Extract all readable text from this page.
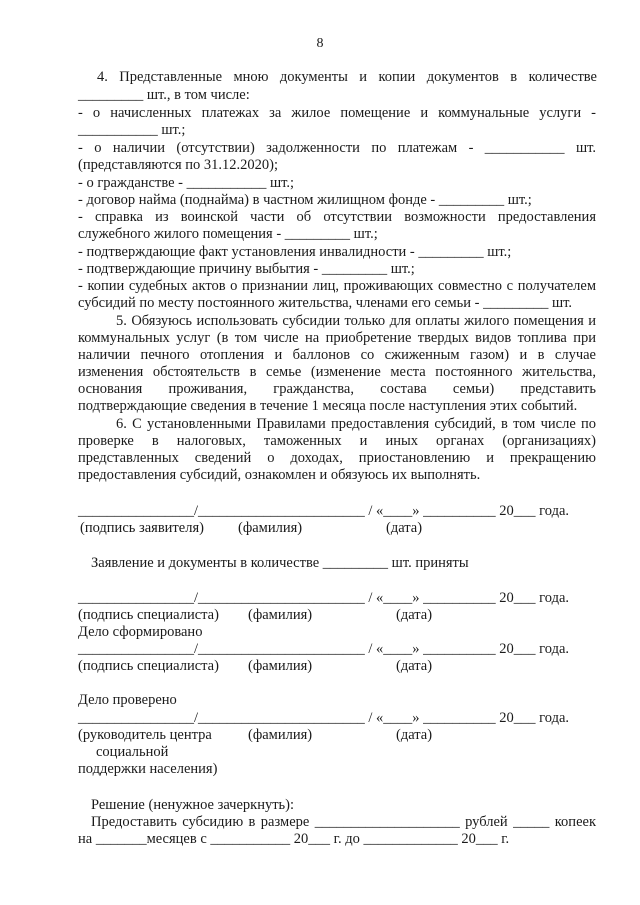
8
4. Представленные мною документы и копии документов в количестве
_________ шт., в том числе:
- о начисленных платежах за жилое помещение и коммунальные услуги -
___________ шт.;
- о наличии (отсутствии) задолженности по платежам - ___________ шт.
(представляются по 31.12.2020);
- о гражданстве - ___________ шт.;
- договор найма (поднайма) в частном жилищном фонде - _________ шт.;
- справка из воинской части об отсутствии возможности предоставления
служебного жилого помещения - _________ шт.;
- подтверждающие факт установления инвалидности - _________ шт.;
- подтверждающие причину выбытия - _________ шт.;
- копии судебных актов о признании лиц, проживающих совместно с получателем
субсидий по месту постоянного жительства, членами его семьи - _________ шт.
5. Обязуюсь использовать субсидии только для оплаты жилого помещения и
коммунальных услуг (в том числе на приобретение твердых видов топлива при
наличии печного отопления и баллонов со сжиженным газом) и в случае
изменения обстоятельств в семье (изменение места постоянного жительства,
основания проживания, гражданства, состава семьи) представить
подтверждающие сведения в течение 1 месяца после наступления этих событий.
6. С установленными Правилами предоставления субсидий, в том числе по
проверке в налоговых, таможенных и иных органах (организациях)
представленных сведений о доходах, приостановлению и прекращению
предоставления субсидий, ознакомлен и обязуюсь их выполнять.
________________/_______________________ / «____» __________ 20___ года.
(подпись заявителя) (фамилия)	(дата)
Заявление и документы в количестве _________ шт. приняты
________________/_______________________ / «____» __________ 20___ года.
(подпись специалиста) (фамилия)	(дата)
Дело сформировано
________________/_______________________ / «____» __________ 20___ года.
(подпись специалиста) (фамилия)	(дата)
Дело проверено
________________/_______________________ / «____» __________ 20___ года.
(руководитель центра
социальной
поддержки населения)
(фамилия)	(дата)
Решение (ненужное зачеркнуть):
Предоставить субсидию в размере ____________________ рублей _____ копеек
на _______месяцев с ___________ 20___ г. до _____________ 20___ г.
